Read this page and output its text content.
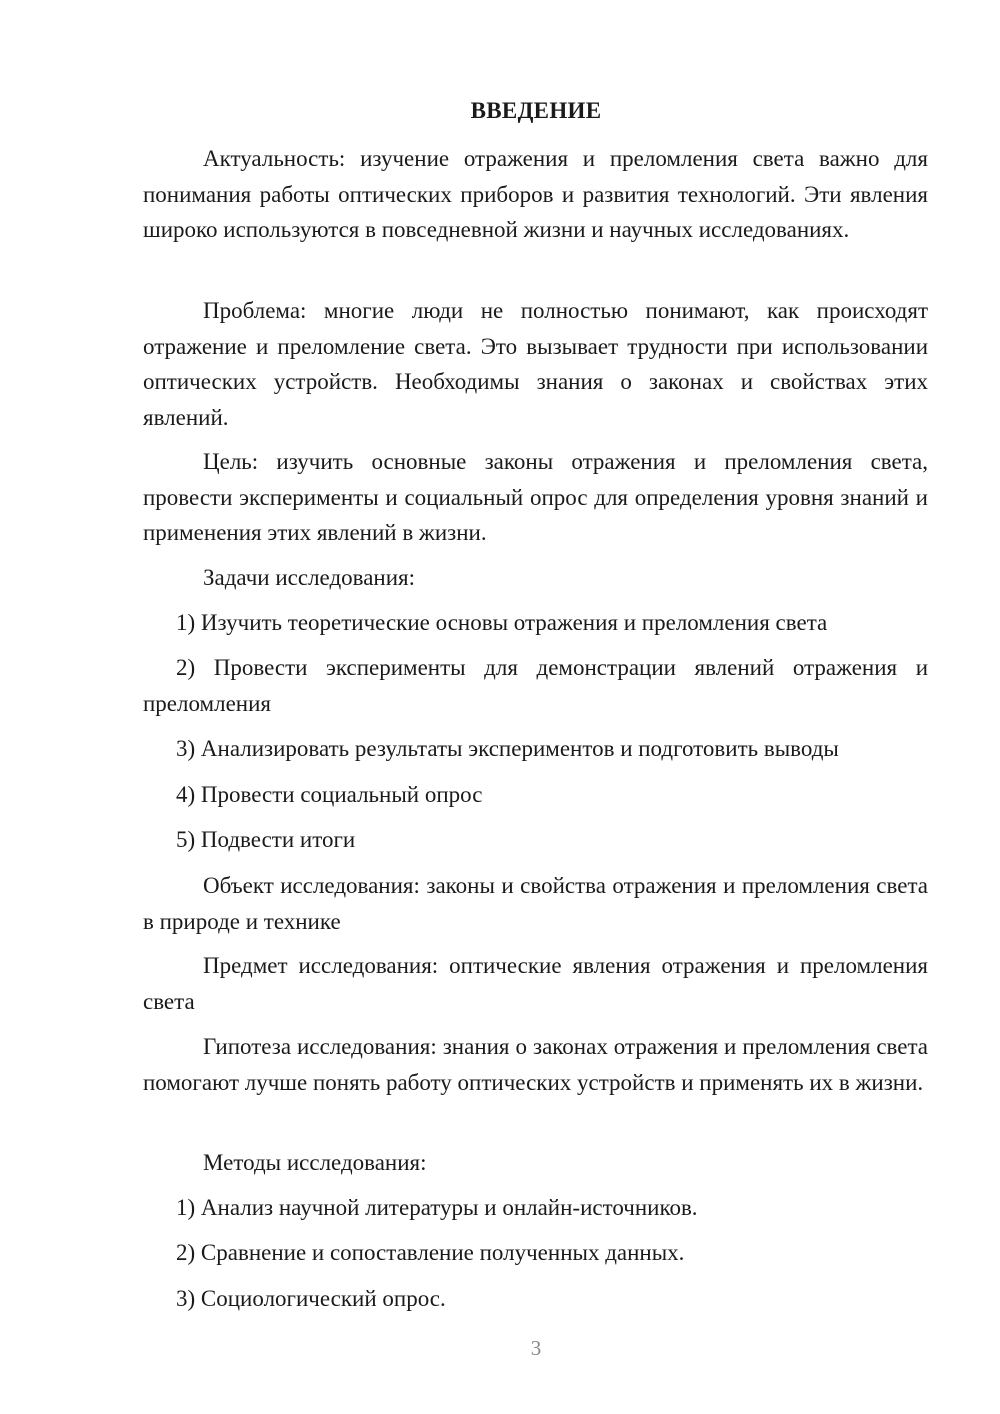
ВВЕДЕНИЕ
Актуальность: изучение отражения и преломления света важно для понимания работы оптических приборов и развития технологий. Эти явления широко используются в повседневной жизни и научных исследованиях.
Проблема: многие люди не полностью понимают, как происходят отражение и преломление света. Это вызывает трудности при использовании оптических устройств. Необходимы знания о законах и свойствах этих явлений.
Цель: изучить основные законы отражения и преломления света, провести эксперименты и социальный опрос для определения уровня знаний и применения этих явлений в жизни.
Задачи исследования:
1) Изучить теоретические основы отражения и преломления света
2) Провести эксперименты для демонстрации явлений отражения и преломления
3) Анализировать результаты экспериментов и подготовить выводы
4) Провести социальный опрос
5) Подвести итоги
Объект исследования: законы и свойства отражения и преломления света в природе и технике
Предмет исследования: оптические явления отражения и преломления света
Гипотеза исследования: знания о законах отражения и преломления света помогают лучше понять работу оптических устройств и применять их в жизни.
Методы исследования:
1) Анализ научной литературы и онлайн-источников.
2) Сравнение и сопоставление полученных данных.
3) Социологический опрос.
3
